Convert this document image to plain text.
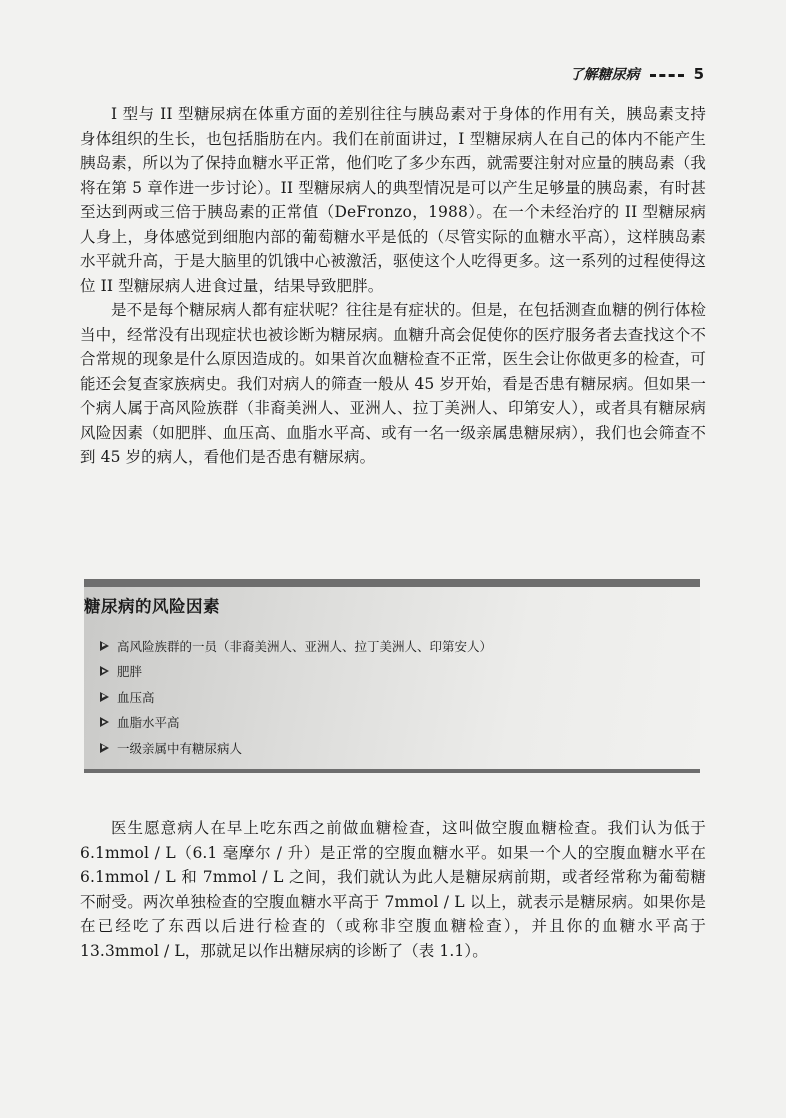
了解糖尿病	5

I 型与 II 型糖尿病在体重方面的差别往往与胰岛素对于身体的作用有关，胰岛素支持身体组织的生长，也包括脂肪在内。我们在前面讲过，I 型糖尿病人在自己的体内不能产生胰岛素，所以为了保持血糖水平正常，他们吃了多少东西，就需要注射对应量的胰岛素（我将在第 5 章作进一步讨论）。II 型糖尿病人的典型情况是可以产生足够量的胰岛素，有时甚至达到两或三倍于胰岛素的正常值（DeFronzo，1988）。在一个未经治疗的 II 型糖尿病人身上，身体感觉到细胞内部的葡萄糖水平是低的（尽管实际的血糖水平高），这样胰岛素水平就升高，于是大脑里的饥饿中心被激活，驱使这个人吃得更多。这一系列的过程使得这位 II 型糖尿病人进食过量，结果导致肥胖。

是不是每个糖尿病人都有症状呢？往往是有症状的。但是，在包括测查血糖的例行体检当中，经常没有出现症状也被诊断为糖尿病。血糖升高会促使你的医疗服务者去查找这个不合常规的现象是什么原因造成的。如果首次血糖检查不正常，医生会让你做更多的检查，可能还会复查家族病史。我们对病人的筛查一般从 45 岁开始，看是否患有糖尿病。但如果一个病人属于高风险族群（非裔美洲人、亚洲人、拉丁美洲人、印第安人），或者具有糖尿病风险因素（如肥胖、血压高、血脂水平高、或有一名一级亲属患糖尿病），我们也会筛查不到 45 岁的病人，看他们是否患有糖尿病。

糖尿病的风险因素
高风险族群的一员（非裔美洲人、亚洲人、拉丁美洲人、印第安人）
肥胖
血压高
血脂水平高
一级亲属中有糖尿病人

医生愿意病人在早上吃东西之前做血糖检查，这叫做空腹血糖检查。我们认为低于 6.1mmol / L（6.1 毫摩尔 / 升）是正常的空腹血糖水平。如果一个人的空腹血糖水平在 6.1mmol / L 和 7mmol / L 之间，我们就认为此人是糖尿病前期，或者经常称为葡萄糖不耐受。两次单独检查的空腹血糖水平高于 7mmol / L 以上，就表示是糖尿病。如果你是在已经吃了东西以后进行检查的（或称非空腹血糖检查），并且你的血糖水平高于 13.3mmol / L，那就足以作出糖尿病的诊断了（表 1.1）。
